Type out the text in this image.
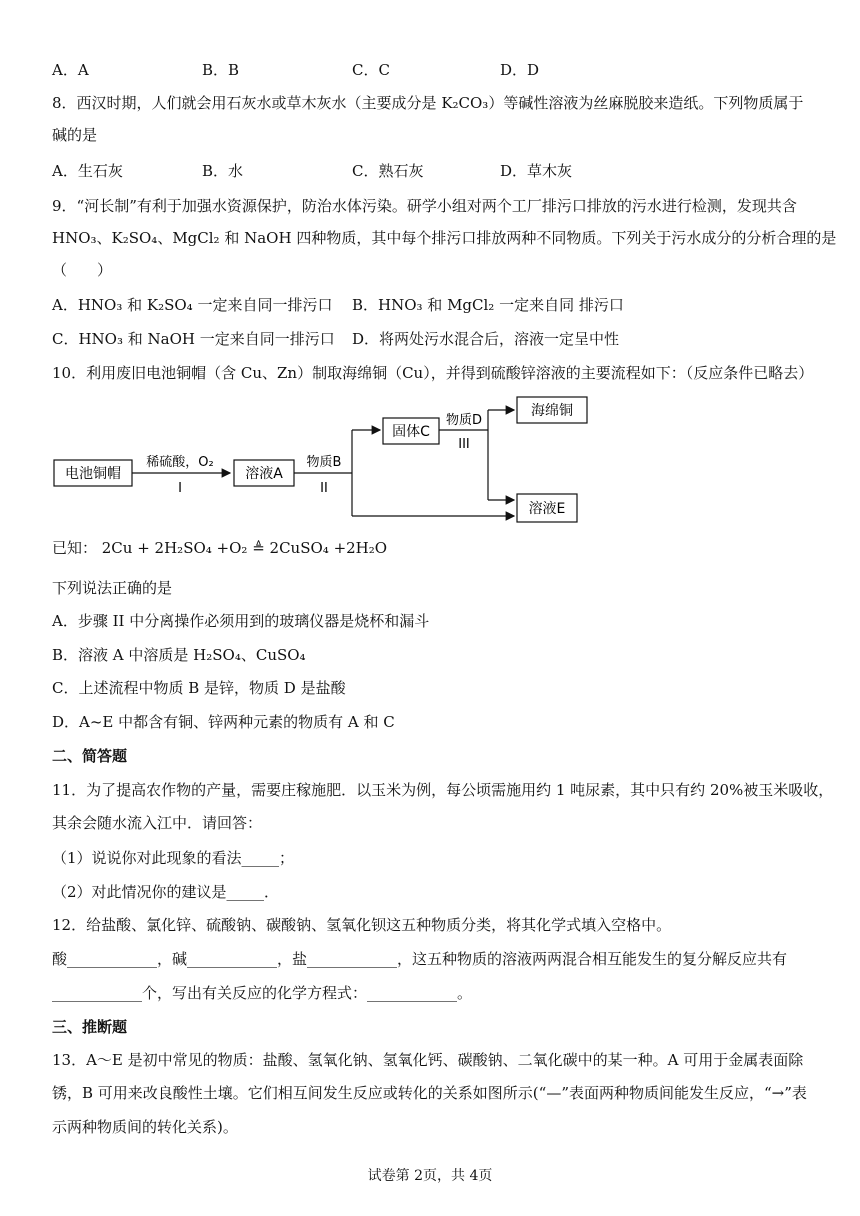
A．A	B．B	C．C	D．D
8．西汉时期，人们就会用石灰水或草木灰水（主要成分是 K₂CO₃）等碱性溶液为丝麻脱胶来造纸。下列物质属于
碱的是
A．生石灰	B．水	C．熟石灰	D．草木灰
9．“河长制”有利于加强水资源保护，防治水体污染。研学小组对两个工厂排污口排放的污水进行检测，发现共含
HNO₃、K₂SO₄、MgCl₂ 和 NaOH 四种物质，其中每个排污口排放两种不同物质。下列关于污水成分的分析合理的是
（　　）
A．HNO₃ 和 K₂SO₄ 一定来自同一排污口 B．HNO₃ 和 MgCl₂ 一定来自同 排污口
C．HNO₃ 和 NaOH 一定来自同一排污口 D．将两处污水混合后，溶液一定呈中性
10．利用废旧电池铜帽（含 Cu、Zn）制取海绵铜（Cu），并得到硫酸锌溶液的主要流程如下：（反应条件已略去）
电池铜帽
稀硫酸，O₂
I
溶液A
物质B
II
固体C
物质D
III
海绵铜
溶液E
已知： 2Cu + 2H₂SO₄ +O₂ ≜ 2CuSO₄ +2H₂O
下列说法正确的是
A．步骤 II 中分离操作必须用到的玻璃仪器是烧杯和漏斗
B．溶液 A 中溶质是 H₂SO₄、CuSO₄
C．上述流程中物质 B 是锌，物质 D 是盐酸
D．A~E 中都含有铜、锌两种元素的物质有 A 和 C
二、简答题
11．为了提高农作物的产量，需要庄稼施肥．以玉米为例，每公顷需施用约 1 吨尿素，其中只有约 20%被玉米吸收，
其余会随水流入江中．请回答：
（1）说说你对此现象的看法_____；
（2）对此情况你的建议是_____．
12．给盐酸、氯化锌、硫酸钠、碳酸钠、氢氧化钡这五种物质分类，将其化学式填入空格中。
酸____________，碱____________，盐____________，这五种物质的溶液两两混合相互能发生的复分解反应共有
____________个，写出有关反应的化学方程式：____________。
三、推断题
13．A～E 是初中常见的物质：盐酸、氢氧化钠、氢氧化钙、碳酸钠、二氧化碳中的某一种。A 可用于金属表面除
锈，B 可用来改良酸性土壤。它们相互间发生反应或转化的关系如图所示(“—”表面两种物质间能发生反应，“→”表
示两种物质间的转化关系)。
试卷第 2页，共 4页
